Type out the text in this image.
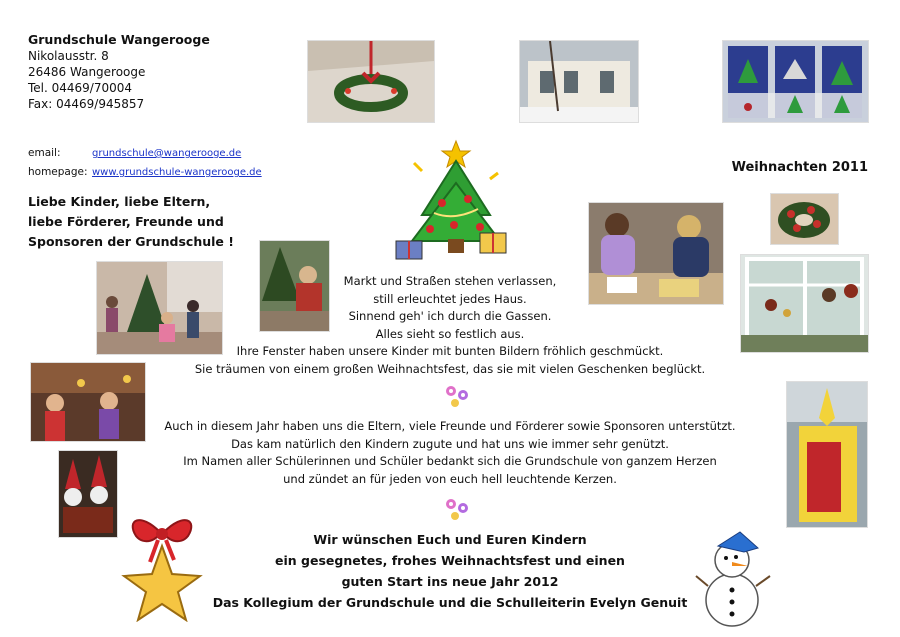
Grundschule Wangerooge
Nikolausstr. 8
26486 Wangerooge
Tel. 04469/70004
Fax: 04469/945857
email:	grundschule@wangerooge.de
homepage: www.grundschule-wangerooge.de
Liebe Kinder, liebe Eltern,
liebe Förderer, Freunde und
Sponsoren der Grundschule !
Weihnachten 2011
Markt und Straßen stehen verlassen,
still erleuchtet jedes Haus.
Sinnend geh' ich durch die Gassen.
Alles sieht so festlich aus.
Ihre Fenster haben unsere Kinder mit bunten Bildern fröhlich geschmückt.
Sie träumen von einem großen Weihnachtsfest, das sie mit vielen Geschenken beglückt.
Auch in diesem Jahr haben uns die Eltern, viele Freunde und Förderer sowie Sponsoren unterstützt.
Das kam natürlich den Kindern zugute und hat uns wie immer sehr genützt.
Im Namen aller Schülerinnen und Schüler bedankt sich die Grundschule von ganzem Herzen
und zündet an für jeden von euch hell leuchtende Kerzen.
Wir wünschen Euch und Euren Kindern
ein gesegnetes, frohes Weihnachtsfest und einen
guten Start ins neue Jahr 2012
Das Kollegium der Grundschule und die Schulleiterin Evelyn Genuit
